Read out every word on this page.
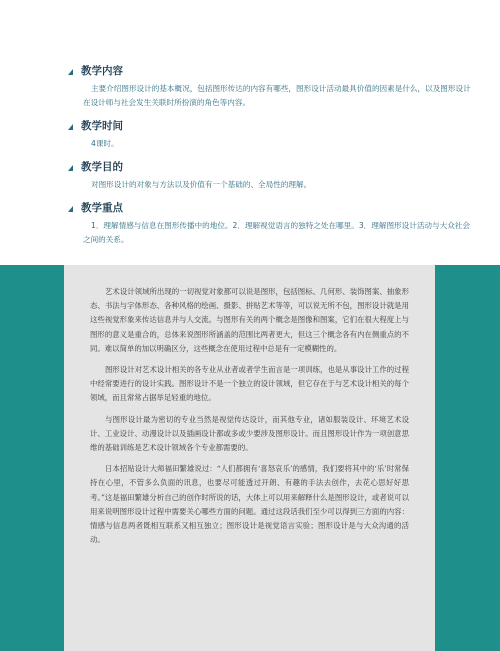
教学内容
主要介绍图形设计的基本概况，包括图形传达的内容有哪些，图形设计活动最具价值的因素是什么，以及图形设计在设计师与社会发生关联时所扮演的角色等内容。
教学时间
4课时。
教学目的
对图形设计的对象与方法以及价值有一个基础的、全局性的理解。
教学重点
1．理解情感与信息在图形传播中的地位。2．理解视觉语言的独特之处在哪里。3．理解图形设计活动与大众社会之间的关系。

艺术设计领域所出现的一切视觉对象都可以说是图形，包括图标、几何形、装饰图案、抽象形态、书法与字体形态、各种风格的绘画、摄影、拼贴艺术等等，可以说无所不包，图形设计就是用这些视觉形象来传达信息并与人交流。与图形有关的两个概念是图像和图案，它们在很大程度上与图形的意义是重合的，总体来说图形所涵盖的范围比两者更大，但这三个概念各有内在侧重点的不同。难以简单的加以明确区分，这些概念在使用过程中总是有一定模糊性的。

图形设计对艺术设计相关的各专业从业者或者学生而言是一项训练，也是从事设计工作的过程中经常要进行的设计实践。图形设计不是一个独立的设计领域，但它存在于与艺术设计相关的每个领域，而且常常占据举足轻重的地位。

与图形设计最为密切的专业当然是视觉传达设计，而其他专业，诸如服装设计、环境艺术设计、工业设计、动漫设计以及插画设计都或多或少要涉及图形设计。而且图形设计作为一项创意思维的基础训练是艺术设计领域各个专业都需要的。

日本招贴设计大师福田繁雄说过：“人们都拥有‘喜怒哀乐’的感情，我们要将其中的‘乐’时常保持在心里，不管多么负面的讯息，也要尽可能透过开朗、有趣的手法去创作，去花心思好好思考。”这是福田繁雄分析自己的创作时所说的话，大体上可以用来解释什么是图形设计，或者说可以用来说明图形设计过程中需要关心哪些方面的问题。通过这段话我们至少可以得到三方面的内容：情感与信息两者既相互联系又相互独立；图形设计是视觉语言实验；图形设计是与大众沟通的活动。
